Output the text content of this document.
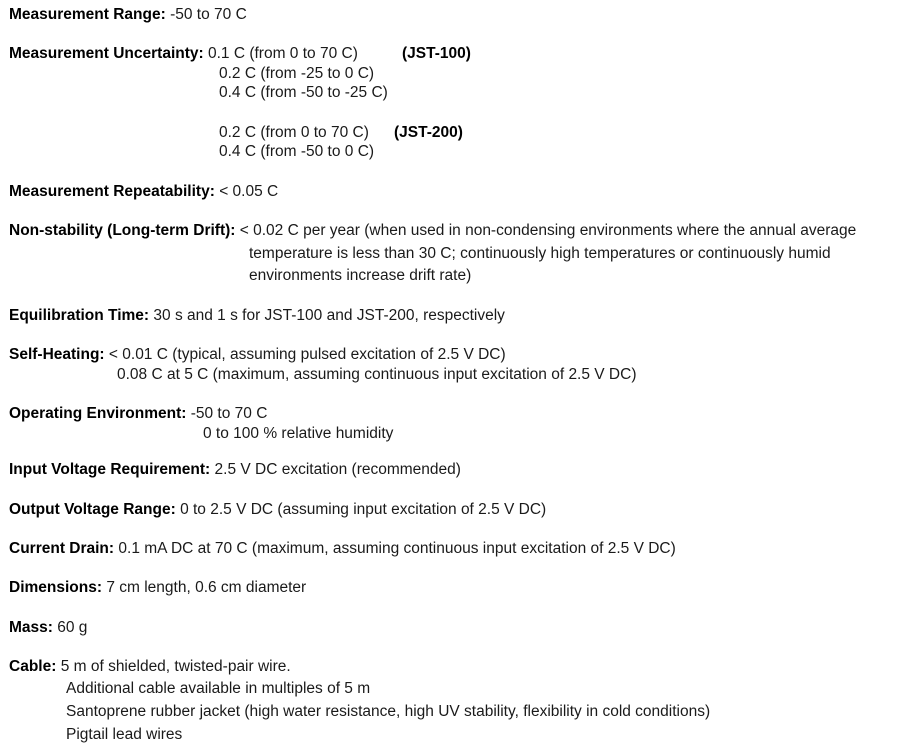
Measurement Range: -50 to 70 C
Measurement Uncertainty: 0.1 C (from 0 to 70 C)	(JST-100)
0.2 C (from -25 to 0 C)
0.4 C (from -50 to -25 C)
0.2 C (from 0 to 70 C) (JST-200)
0.4 C (from -50 to 0 C)
Measurement Repeatability: < 0.05 C
Non-stability (Long-term Drift): < 0.02 C per year (when used in non-condensing environments where the annual average
temperature is less than 30 C; continuously high temperatures or continuously humid
environments increase drift rate)
Equilibration Time: 30 s and 1 s for JST-100 and JST-200, respectively
Self-Heating: < 0.01 C (typical, assuming pulsed excitation of 2.5 V DC)
0.08 C at 5 C (maximum, assuming continuous input excitation of 2.5 V DC)
Operating Environment: -50 to 70 C
0 to 100 % relative humidity
Input Voltage Requirement: 2.5 V DC excitation (recommended)
Output Voltage Range: 0 to 2.5 V DC (assuming input excitation of 2.5 V DC)
Current Drain: 0.1 mA DC at 70 C (maximum, assuming continuous input excitation of 2.5 V DC)
Dimensions: 7 cm length, 0.6 cm diameter
Mass: 60 g
Cable: 5 m of shielded, twisted-pair wire.
Additional cable available in multiples of 5 m
Santoprene rubber jacket (high water resistance, high UV stability, flexibility in cold conditions)
Pigtail lead wires
